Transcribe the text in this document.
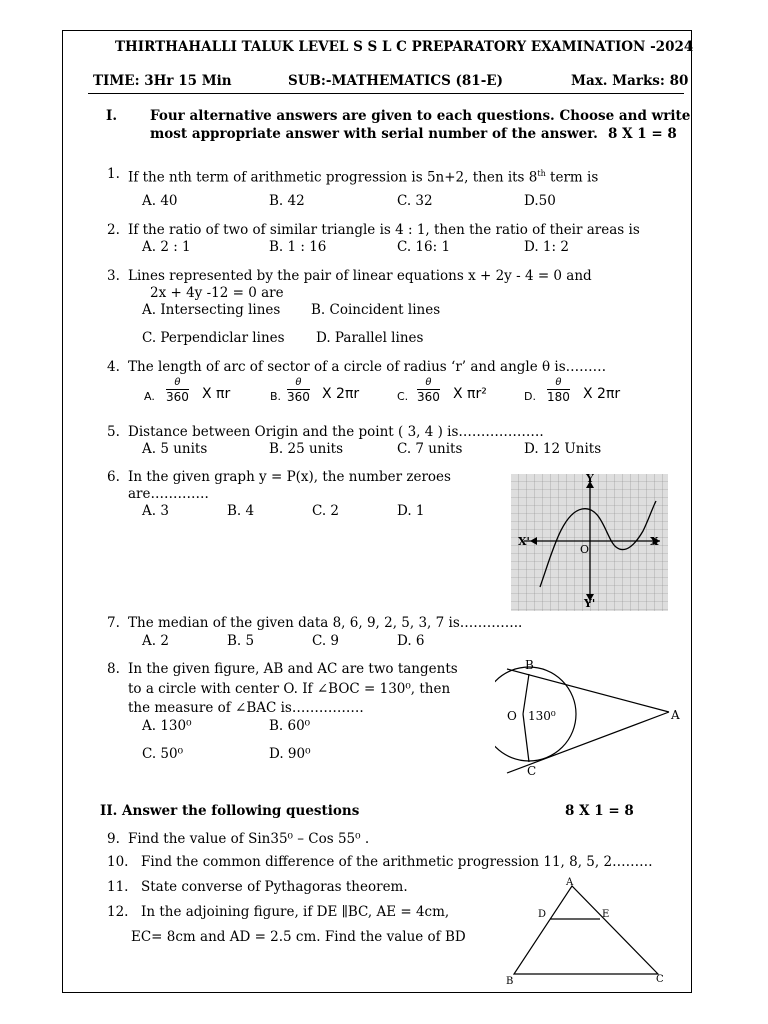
THIRTHAHALLI TALUK LEVEL S S L C PREPARATORY EXAMINATION -2024
TIME: 3Hr 15 Min	SUB:-MATHEMATICS (81-E)	Max. Marks: 80
I. Four alternative answers are given to each questions. Choose and write
most appropriate answer with serial number of the answer. 8 X 1 = 8
1. If the nth term of arithmetic progression is 5n+2, then its 8th term is
A. 40	B. 42	C. 32	D.50
2. If the ratio of two of similar triangle is 4 : 1, then the ratio of their areas is
A. 2 : 1	B. 1 : 16	C. 16: 1	D. 1: 2
3. Lines represented by the pair of linear equations x + 2y - 4 = 0 and
2x + 4y -12 = 0 are
A. Intersecting lines B. Coincident lines
C. Perpendiclar lines D. Parallel lines
4. The length of arc of sector of a circle of radius ‘r’ and angle θ is………
A.
θ
360 X πr	B.
θ
360 X 2πr	C.
θ
360 X πr²	D.
θ
180 X 2πr
5. Distance between Origin and the point ( 3, 4 ) is……………….
A. 5 units	B. 25 units	C. 7 units	D. 12 Units
6. In the given graph y = P(x), the number zeroes
are………….
A. 3	B. 4	C. 2	D. 1
Y
X
X'
Y'
O
7. The median of the given data 8, 6, 9, 2, 5, 3, 7 is…………..
A. 2	B. 5	C. 9	D. 6
8. In the given figure, AB and AC are two tangents
to a circle with center O. If ∠BOC = 130⁰, then
the measure of ∠BAC is…………….
A. 130⁰	B. 60⁰
C. 50⁰	D. 90⁰
B
C
A
O 130⁰
II. Answer the following questions	8 X 1 = 8
9. Find the value of Sin35⁰ – Cos 55⁰ .
10. Find the common difference of the arithmetic progression 11, 8, 5, 2………
11. State converse of Pythagoras theorem.
12. In the adjoining figure, if DE ∥BC, AE = 4cm,
EC= 8cm and AD = 2.5 cm. Find the value of BD
A
D	E
B	C
